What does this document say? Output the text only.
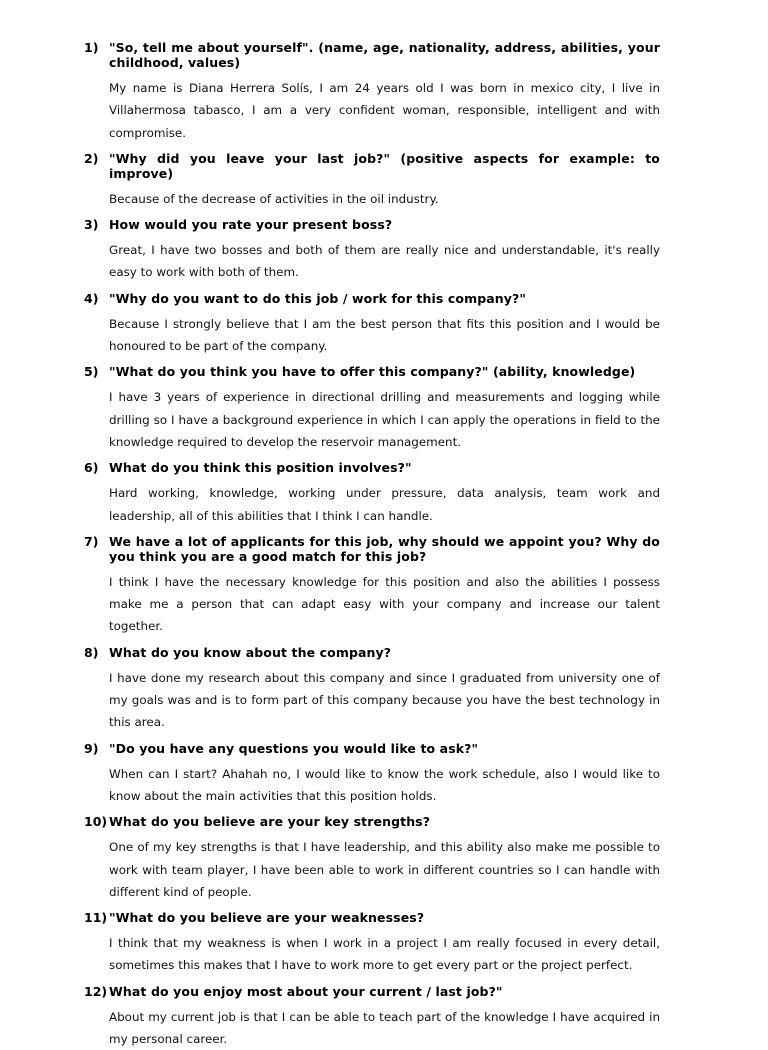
1) "So, tell me about yourself". (name, age, nationality, address, abilities, your childhood, values)
My name is Diana Herrera Solís, I am 24 years old I was born in mexico city, I live in Villahermosa tabasco, I am a very confident woman, responsible, intelligent and with compromise.
2) "Why did you leave your last job?" (positive aspects for example: to improve)
Because of the decrease of activities in the oil industry.
3) How would you rate your present boss?
Great, I have two bosses and both of them are really nice and understandable, it's really easy to work with both of them.
4) "Why do you want to do this job / work for this company?"
Because I strongly believe that I am the best person that fits this position and I would be honoured to be part of the company.
5) "What do you think you have to offer this company?" (ability, knowledge)
I have 3 years of experience in directional drilling and measurements and logging while drilling so I have a background experience in which I can apply the operations in field to the knowledge required to develop the reservoir management.
6) What do you think this position involves?"
Hard working, knowledge, working under pressure, data analysis, team work and leadership, all of this abilities that I think I can handle.
7) We have a lot of applicants for this job, why should we appoint you? Why do you think you are a good match for this job?
I think I have the necessary knowledge for this position and also the abilities I possess make me a person that can adapt easy with your company and increase our talent together.
8) What do you know about the company?
I have done my research about this company and since I graduated from university one of my goals was and is to form part of this company because you have the best technology in this area.
9) "Do you have any questions you would like to ask?"
When can I start? Ahahah no, I would like to know the work schedule, also I would like to know about the main activities that this position holds.
10) What do you believe are your key strengths?
One of my key strengths is that I have leadership, and this ability also make me possible to work with team player, I have been able to work in different countries so I can handle with different kind of people.
11) "What do you believe are your weaknesses?
I think that my weakness is when I work in a project I am really focused in every detail, sometimes this makes that I have to work more to get every part or the project perfect.
12) What do you enjoy most about your current / last job?"
About my current job is that I can be able to teach part of the knowledge I have acquired in my personal career.
